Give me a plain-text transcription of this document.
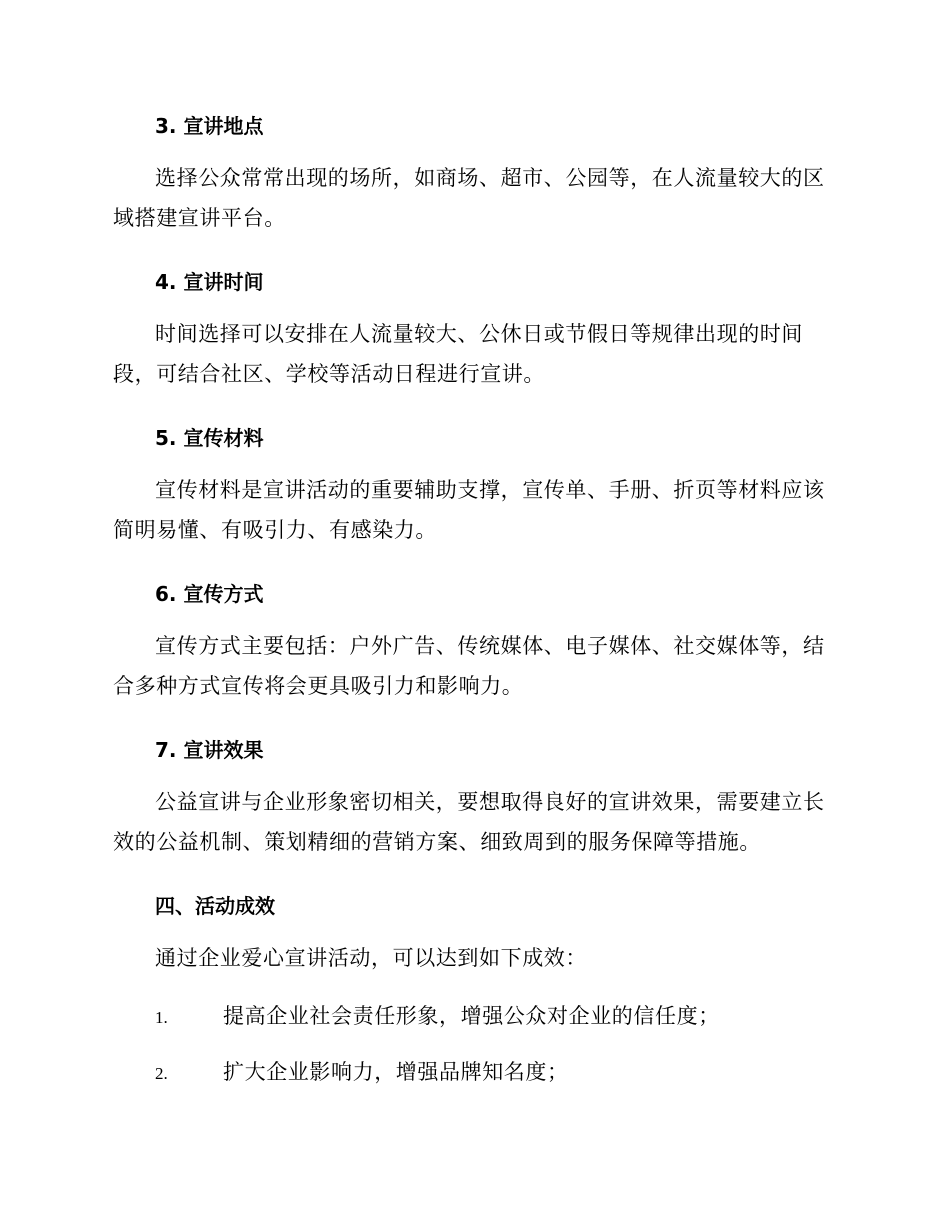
3. 宣讲地点

选择公众常常出现的场所，如商场、超市、公园等，在人流量较大的区域搭建宣讲平台。

4. 宣讲时间

时间选择可以安排在人流量较大、公休日或节假日等规律出现的时间段，可结合社区、学校等活动日程进行宣讲。

5. 宣传材料

宣传材料是宣讲活动的重要辅助支撑，宣传单、手册、折页等材料应该简明易懂、有吸引力、有感染力。

6. 宣传方式

宣传方式主要包括：户外广告、传统媒体、电子媒体、社交媒体等，结合多种方式宣传将会更具吸引力和影响力。

7. 宣讲效果

公益宣讲与企业形象密切相关，要想取得良好的宣讲效果，需要建立长效的公益机制、策划精细的营销方案、细致周到的服务保障等措施。

四、活动成效

通过企业爱心宣讲活动，可以达到如下成效：

1.	提高企业社会责任形象，增强公众对企业的信任度；
2.	扩大企业影响力，增强品牌知名度；
